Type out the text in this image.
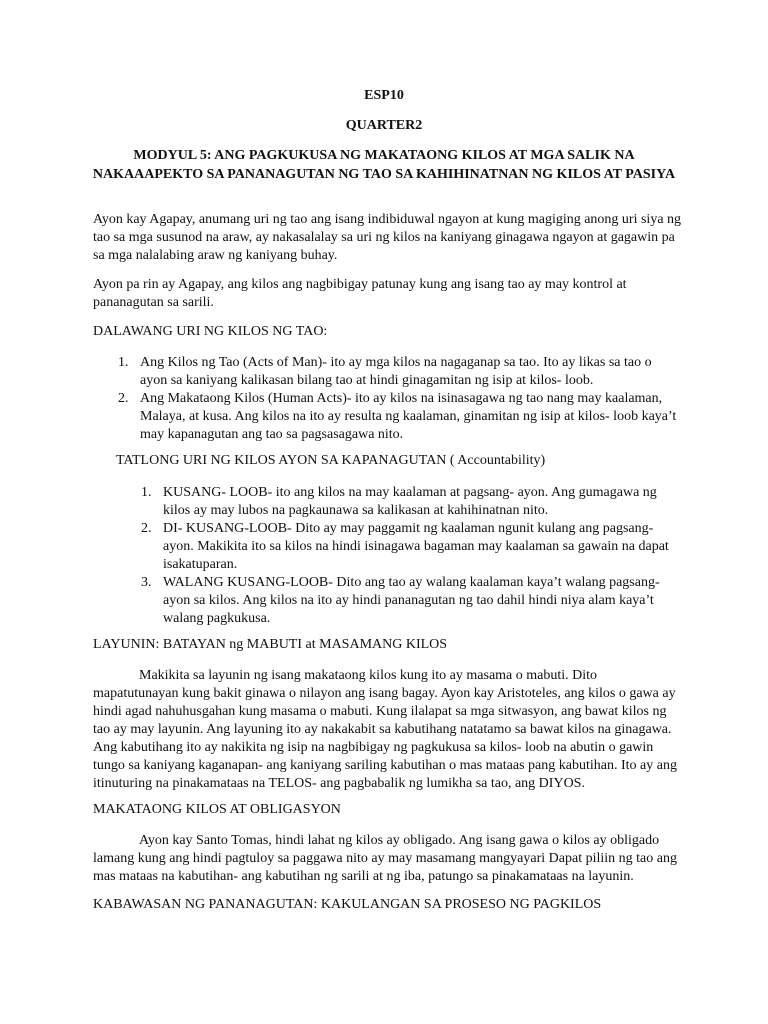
ESP10

QUARTER2

MODYUL 5: ANG PAGKUKUSA NG MAKATAONG KILOS AT MGA SALIK NA NAKAAAPEKTO SA PANANAGUTAN NG TAO SA KAHIHINATNAN NG KILOS AT PASIYA

Ayon kay Agapay, anumang uri ng tao ang isang indibiduwal ngayon at kung magiging anong uri siya ng tao sa mga susunod na araw, ay nakasalalay sa uri ng kilos na kaniyang ginagawa ngayon at gagawin pa sa mga nalalabing araw ng kaniyang buhay.

Ayon pa rin ay Agapay, ang kilos ang nagbibigay patunay kung ang isang tao ay may kontrol at pananagutan sa sarili.

DALAWANG URI NG KILOS NG TAO:

1. Ang Kilos ng Tao (Acts of Man)- ito ay mga kilos na nagaganap sa tao. Ito ay likas sa tao o ayon sa kaniyang kalikasan bilang tao at hindi ginagamitan ng isip at kilos- loob.
2. Ang Makataong Kilos (Human Acts)- ito ay kilos na isinasagawa ng tao nang may kaalaman, Malaya, at kusa. Ang kilos na ito ay resulta ng kaalaman, ginamitan ng isip at kilos- loob kaya’t may kapanagutan ang tao sa pagsasagawa nito.

TATLONG URI NG KILOS AYON SA KAPANAGUTAN ( Accountability)

1. KUSANG- LOOB- ito ang kilos na may kaalaman at pagsang- ayon. Ang gumagawa ng kilos ay may lubos na pagkaunawa sa kalikasan at kahihinatnan nito.
2. DI- KUSANG-LOOB- Dito ay may paggamit ng kaalaman ngunit kulang ang pagsang- ayon. Makikita ito sa kilos na hindi isinagawa bagaman may kaalaman sa gawain na dapat isakatuparan.
3. WALANG KUSANG-LOOB- Dito ang tao ay walang kaalaman kaya’t walang pagsang- ayon sa kilos. Ang kilos na ito ay hindi pananagutan ng tao dahil hindi niya alam kaya’t walang pagkukusa.

LAYUNIN: BATAYAN ng MABUTI at MASAMANG KILOS

Makikita sa layunin ng isang makataong kilos kung ito ay masama o mabuti. Dito mapatutunayan kung bakit ginawa o nilayon ang isang bagay. Ayon kay Aristoteles, ang kilos o gawa ay hindi agad nahuhusgahan kung masama o mabuti. Kung ilalapat sa mga sitwasyon, ang bawat kilos ng tao ay may layunin. Ang layuning ito ay nakakabit sa kabutihang natatamo sa bawat kilos na ginagawa. Ang kabutihang ito ay nakikita ng isip na nagbibigay ng pagkukusa sa kilos- loob na abutin o gawin tungo sa kaniyang kaganapan- ang kaniyang sariling kabutihan o mas mataas pang kabutihan. Ito ay ang itinuturing na pinakamataas na TELOS- ang pagbabalik ng lumikha sa tao, ang DIYOS.

MAKATAONG KILOS AT OBLIGASYON

Ayon kay Santo Tomas, hindi lahat ng kilos ay obligado. Ang isang gawa o kilos ay obligado lamang kung ang hindi pagtuloy sa paggawa nito ay may masamang mangyayari Dapat piliin ng tao ang mas mataas na kabutihan- ang kabutihan ng sarili at ng iba, patungo sa pinakamataas na layunin.

KABAWASAN NG PANANAGUTAN: KAKULANGAN SA PROSESO NG PAGKILOS
